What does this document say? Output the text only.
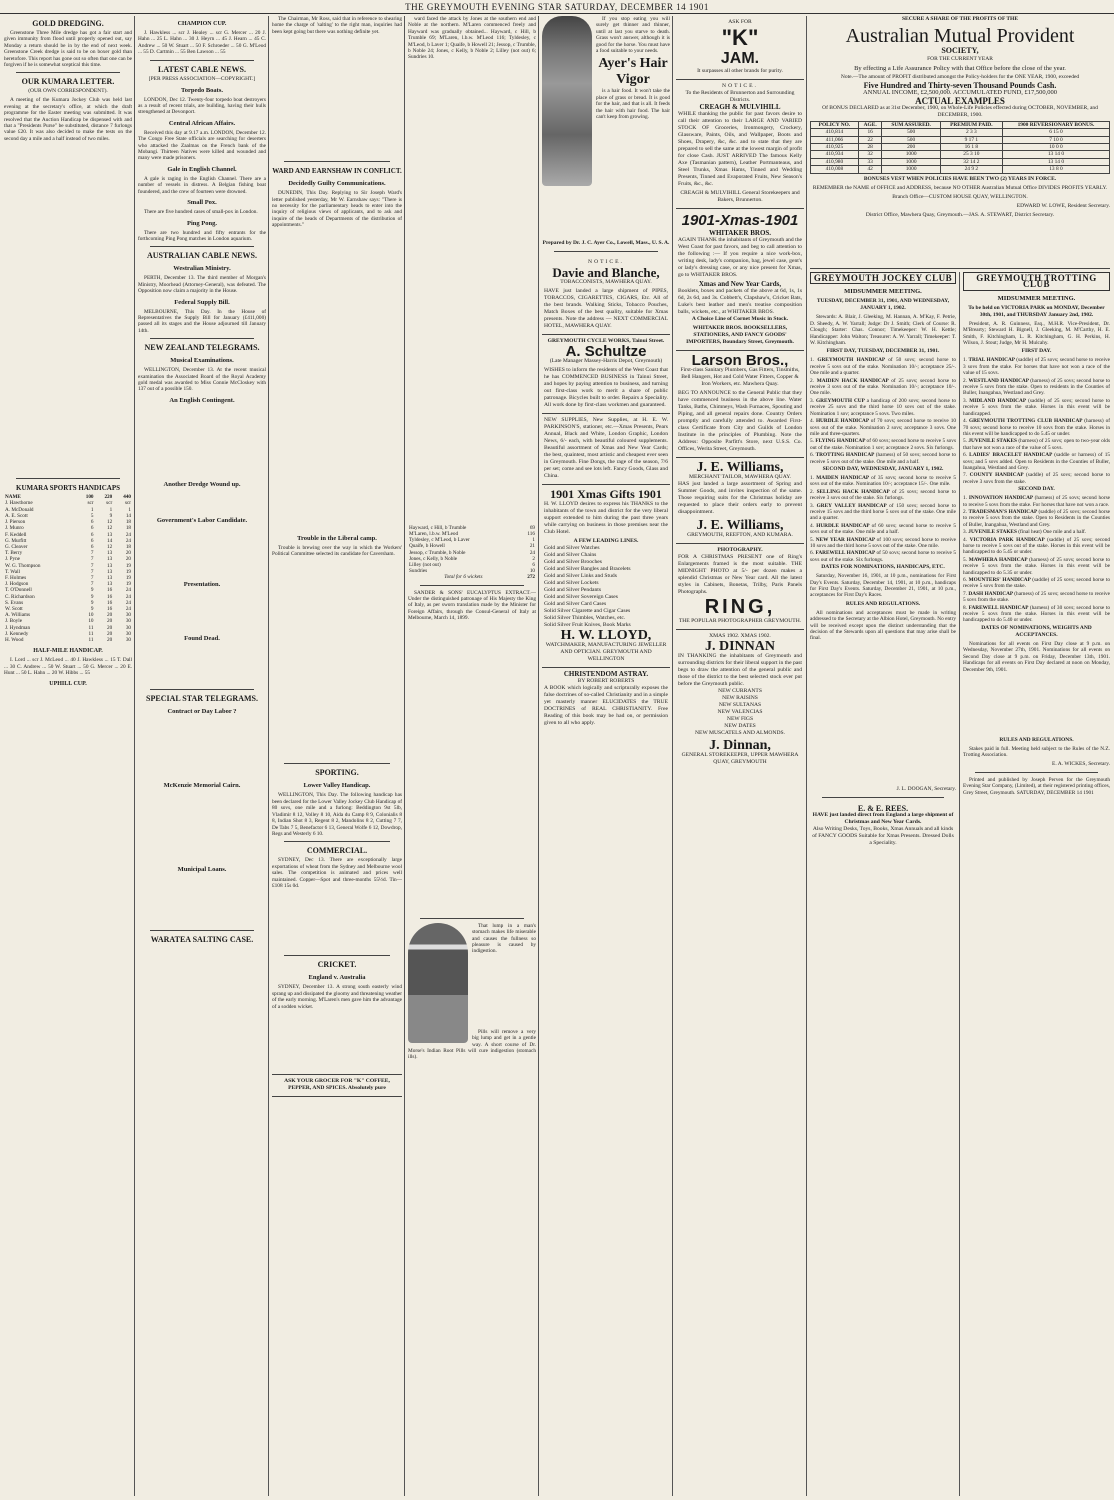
THE GREYMOUTH EVENING STAR SATURDAY, DECEMBER 14 1901
GOLD DREDGING.
Greenstone Three Mile dredge has got a fair start and given immunity from flood until properly opened out, say Monday a return should be in by the end of next week. Greenstone Creek dredge is said to be on boxer gold than heretofore. This report has gone out so often that one can be forgiven if he is somewhat sceptical this time.
OUR KUMARA LETTER.
(OUR OWN CORRESPONDENT).
A meeting of the Kumara Jockey Club was held last evening at the secretary's office, at which the draft programme for the Easter meeting was submitted. It was resolved that the Auction Handicap be dispensed with and that a "Presidents Purse" be substituted, distance 7 furlongs value £20. It was also decided to make the tests on the second day a mile and a half instead of two miles.
KUMARA SPORTS HANDICAPS
NAME	100	220	440
J. Hawthorne	scr	scr	scr
A. McDonald	1	1	1
A. E. Scott	5	9	14
J. Pierson	6	12	18
J. Munro	6	12	18
F. Keddell	6	13	24
G. Murfitt	6	14	24
G. Cleaver	6	12	18
T. Berry	7	13	20
J. Pyne	7	13	20
W. G. Thompson	7	13	19
T. Wall	7	13	19
F. Holmes	7	13	19
J. Hodgson	7	13	19
T. O'Donnell	9	16	24
C. Richardson	9	16	24
S. Evans	9	16	24
W. Scott	9	16	24
A. Williams	10	20	30
J. Boyle	10	20	30
J. Hyndman	11	20	30
J. Kennedy	11	20	30
H. Wood	11	20	30
HALF-MILE HANDICAP.
I. Lord ... scr J. McLeod ... 40 J. Hawkless ... 15 T. Dall ... 30 C. Andrew ... 50 W. Stuart ... 50 G. Mercer ... 20 E. Hunt ... 50 L. Hahn ... 20 W. Hibbs ... 55
UPHILL CUP.
CHAMPION CUP.
J. Hawkless ... scr J. Healey ... scr G. Mercer ... 20 J. Hahn ... 25 L. Hahn ... 30 J. Heyrn ... 45 J. Hearn ... 45 C. Andrew ... 50 W. Stuart ... 50 F. Schroeder ... 50 G. M'Leod ... 55 D. Cartmin ... 55 Ben Lawson ... 55
LATEST CABLE NEWS.
[PER PRESS ASSOCIATION—COPYRIGHT.]
Torpedo Boats.
LONDON, Dec 12. Twenty-four torpedo boat destroyers as a result of recent trials, are building, having their hulls strengthened at Devonport.
Central African Affairs.
Received this day at 9.17 a.m. LONDON, December 12. The Congo Free State officials are searching for deserters who attacked the Zaalmas on the French bank of the Mobangi. Thirteen Natives were killed and wounded and many were made prisoners.
Gale in English Channel.
A gale is raging in the English Channel. There are a number of vessels in distress. A Belgian fishing boat foundered, and the crew of fourteen were drowned.
Small Pox.
There are five hundred cases of small-pox in London.
Ping Pong.
There are two hundred and fifty entrants for the forthcoming Ping Pong matches in London aquarium.
AUSTRALIAN CABLE NEWS.
Westralian Ministry.
PERTH, December 13. The third member of Morgan's Ministry, Moorhead (Attorney-General), was defeated. The Opposition now claim a majority in the House.
Federal Supply Bill.
MELBOURNE, This Day. In the House of Representatives the Supply Bill for January (£411,000) passed all its stages and the House adjourned till January 14th.
NEW ZEALAND TELEGRAMS.
Musical Examinations.
WELLINGTON, December 13. At the recent musical examination the Associated Board of the Royal Academy gold medal was awarded to Miss Connie McCloskey with 137 out of a possible 150.
An English Contingent.
Another Dredge Wound up.
Government's Labor Candidate.
Presentation.
Found Dead.
SPECIAL STAR TELEGRAMS.
Contract or Day Labor ?
McKenzie Memorial Cairn.
Municipal Loans.
WARATEA SALTING CASE.
The Chairman, Mr Ross, said that in reference to shearing home the charge of 'salting' to the right man, inquiries had been kept going but there was nothing definite yet.
WARD AND EARNSHAW IN CONFLICT.
Decidedly Guilty Communications.
DUNEDIN, This Day. Replying to Sir Joseph Ward's letter published yesterday, Mr W. Earnshaw says: "There is no necessity for the parliamentary heads to enter into the inquiry of religious views of applicants, and to ask and inquire of the heads of Departments of the distribution of appointments."
Trouble in the Liberal camp.
Trouble is brewing over the way in which the Workers' Political Committee selected its candidate for Caversham.
SPORTING.
Lower Valley Handicap.
WELLINGTON, This Day. The following handicap has been declared for the Lower Valley Jockey Club Handicap of 80 sovs, one mile and a furlong: Beddington 9st 5lb, Vladimir 8 12, Volley 8 10, Aida du Camp 8 9, Colonialis 8 8, Indian Shot 8 3, Regent 8 2, Mandolins 8 2, Cutting 7 7, De Tabs 7 5, Benefactor 6 13, General Wolfe 6 12, Dowdrop, Regs and Westerly 6 10.
COMMERCIAL.
SYDNEY, Dec 13. There are exceptionally large exportations of wheat from the Sydney and Melbourne wool sales. The competition is animated and prices well maintained. Copper—Spot and three-months 55½d. Tin—£108 15s 0d.
CRICKET.
England v. Australia
SYDNEY, December 13. A strong south easterly wind sprang up and dissipated the gloomy and threatening weather of the early morning. M'Laren's men gave him the advantage of a sodden wicket.
ASK YOUR GROCER FOR "K" COFFEE, PEPPER, AND SPICES. Absolutely pure
ward faced the attack by Jones at the southern end and Noble at the northern. M'Laren commenced freely and Hayward was gradually obtained... Hayward, c Hill, b Trumble 69; M'Laren, l.b.w. M'Leod 116; Tyldesley, c M'Leod, b Laver 1; Quaife, b Howell 21; Jessop, c Trumble, b Noble 24; Jones, c Kelly, b Noble 2; Lilley (not out) 6; Sundries 10.
Hayward, c Hill, b Trumble	69
M'Laren, l.b.w. M'Leod	116
Tyldesley, c M'Leod, b Laver	1
Quaife, b Howell	21
Jessop, c Trumble, b Noble	24
Jones, c Kelly, b Noble	2
Lilley (not out)	6
Sundries	10
Total for 6 wickets	272
SANDER & SONS' EUCALYPTUS EXTRACT.—Under the distinguished patronage of His Majesty the King of Italy, as per sworn translation made by the Minister for Foreign Affairs, through the Consul-General of Italy at Melbourne, March 14, 1899.
That lump in a man's stomach makes life miserable and causes the fullness so pleasure is caused by indigestion.
Pills will remove a very big lump and get in a gentle way. A short course of Dr. Morse's Indian Root Pills will cure indigestion (stomach ills).
If you stop eating you will surely get thinner and thinner, until at last you starve to death. Grass won't answer, although it is good for the horse. You must have a food suitable to your needs.
Ayer's Hair Vigor
is a hair food. It won't take the place of grass or bread. It is good for the hair, and that is all. It feeds the hair with hair food. The hair can't keep from growing.
Prepared by Dr. J. C. Ayer Co., Lowell, Mass., U. S. A.
NOTICE.
Davie and Blanche,
TOBACCONISTS, MAWHERA QUAY.
HAVE just landed a large shipment of PIPES, TOBACCOS, CIGARETTES, CIGARS, Etc. All of the best brands. Walking Sticks, Tobacco Pouches, Match Boxes of the best quality, suitable for Xmas presents. Note the address — NEXT COMMERCIAL HOTEL, MAWHERA QUAY.
GREYMOUTH CYCLE WORKS, Tainui Street.
A. Schultze
(Late Manager Massey-Harris Depot, Greymouth)
WISHES to inform the residents of the West Coast that he has COMMENCED BUSINESS in Tainui Street, and hopes by paying attention to business, and turning out first-class work to merit a share of public patronage. Bicycles built to order. Repairs a Speciality. All work done by first-class workmen and guaranteed.
NEW SUPPLIES, New Supplies, at H. E. W. PARKINSON'S, stationer, etc.—Xmas Presents, Pears Annual, Black and White, London Graphic, London News, 6/- each, with beautiful coloured supplements. Beautiful assortment of Xmas and New Year Cards; the best, quaintest, most artistic and cheapest ever seen in Greymouth. Fine Dongs, the rage of the season, 7/6 per set; come and see lots left. Fancy Goods, Glass and China.
1901 Xmas Gifts 1901
H. W. LLOYD desires to express his THANKS to the inhabitants of the town and district for the very liberal support extended to him during the past three years while carrying on business in those premises near the Club Hotel.
A FEW LEADING LINES.
Gold and Silver Watches
Gold and Silver Chains
Gold and Silver Brooches
Gold and Silver Bangles and Bracelets
Gold and Silver Links and Studs
Gold and Silver Lockets
Gold and Silver Pendants
Gold and Silver Sovereign Cases
Gold and Silver Card Cases
Solid Silver Cigarette and Cigar Cases
Solid Silver Thimbles, Watches, etc.
Solid Silver Fruit Knives, Book Marks
H. W. LLOYD,
WATCHMAKER, MANUFACTURING JEWELLER AND OPTICIAN. GREYMOUTH AND WELLINGTON
CHRISTENDOM ASTRAY.
BY ROBERT ROBERTS
A BOOK which logically and scripturally exposes the false doctrines of so-called Christianity and in a simple yet masterly manner ELUCIDATES the TRUE DOCTRINES of REAL CHRISTIANITY. Free Reading of this book may be had on, or permission given to all who apply.
ASK FOR
"K"
JAM.
It surpasses all other brands for purity.
NOTICE.
To the Residents of Brunnerton and Surrounding Districts.
CREAGH & MULVIHILL
WHILE thanking the public for past favors desire to call their attention to their LARGE AND VARIED STOCK OF Groceries, Ironmongery, Crockery, Glassware, Paints, Oils, and Wallpaper, Boots and Shoes, Drapery, &c, &c. and to state that they are prepared to sell the same at the lowest margin of profit for close Cash. JUST ARRIVED The famous Kelly Axe (Tasmanian pattern), Leather Portmanteaus, and Steel Trunks, Xmas Hams, Tinned and Wedding Presents, Tinned and Evaporated Fruits, New Season's Fruits, &c., &c.
CREAGH & MULVIHILL General Storekeepers and Bakers, Brunnerton.
1901-Xmas-1901
WHITAKER BROS.
AGAIN THANK the inhabitants of Greymouth and the West Coast for past favors, and beg to call attention to the following :— If you require a nice work-box, writing desk, lady's companion, bag, jewel case, gent's or lady's dressing case, or any nice present for Xmas, go to WHITAKER BROS.
Xmas and New Year Cards,
Booklets, boxes and packets of the above at 6d, 1s, 1s 6d, 2s 6d, and 3s. Cobbett's, Clapshaw's, Cricket Bats, Luke's best leather and men's treatise composition balls, wickets, etc., at WHITAKER BROS.
A Choice Line of Cornet Music in Stock.
WHITAKER BROS. BOOKSELLERS, STATIONERS, AND FANCY GOODS' IMPORTERS, Boundary Street, Greymouth.
Larson Bros.,
First-class Sanitary Plumbers, Gas Fitters, Tinsmiths, Bell Hangers, Hot and Cold Water Fitters, Copper & Iron Workers, etc. Mawhera Quay.
BEG TO ANNOUNCE to the General Public that they have commenced business in the above line. Water Tanks, Baths, Chimneys, Wash Furnaces, Spouting and Piping, and all general repairs done. Country Orders promptly and carefully attended to. Awarded First-class Certificate from City and Guilds of London Institute in the principles of Plumbing. Note the Address: Opposite Parfitt's Store, next U.S.S. Co. Offices, Werita Street, Greymouth.
J. E. Williams,
MERCHANT TAILOR, MAWHERA QUAY.
HAS just landed a large assortment of Spring and Summer Goods, and invites inspection of the same. Those requiring suits for the Christmas holiday are requested to place their orders early to prevent disappointment.
J. E. Williams,
GREYMOUTH, REEFTON, AND KUMARA.
PHOTOGRAPHY.
FOR A CHRISTMAS PRESENT one of Ring's Enlargements framed is the most suitable. THE MIDNIGHT PHOTO at 5/- per dozen makes a splendid Christmas or New Year card. All the latest styles in Cabinets, Bonetas, Trilby, Paris Panels Photographs.
RING,
THE POPULAR PHOTOGRAPHER GREYMOUTH.
XMAS 1902. XMAS 1902.
J. DINNAN
IN THANKING the inhabitants of Greymouth and surrounding districts for their liberal support in the past begs to draw the attention of the general public and those of the district to the best selected stock ever put before the Greymouth public.
NEW CURRANTS
NEW RAISINS
NEW SULTANAS
NEW VALENCIAS
NEW FIGS
NEW DATES
NEW MUSCATELS AND ALMONDS.
J. Dinnan,
GENERAL STOREKEEPER, UPPER MAWHERA QUAY, GREYMOUTH
SECURE A SHARE OF THE PROFITS OF THE
Australian Mutual Provident
SOCIETY,
FOR THE CURRENT YEAR
By effecting a Life Assurance Policy with that Office before the close of the year.
Note.—The amount of PROFIT distributed amongst the Policy-holders for the ONE YEAR, 1900, exceeded
Five Hundred and Thirty-seven Thousand Pounds Cash.
ANNUAL INCOME, £2,500,000. ACCUMULATED FUND, £17,500,000
ACTUAL EXAMPLES
Of BONUS DECLARED as at 31st December, 1900, on Whole-Life Policies effected during OCTOBER, NOVEMBER, and DECEMBER, 1900.
POLICY NO.	AGE.	SUM ASSURED.	PREMIUM PAID.	1900 REVERSIONARY BONUS.
410,814	16	500	2 3 3	6 15 0
411,066	22	500	9 17 1	7 10 0
410,925	28	200	16 1 8	10 0 0
410,934	32	1000	25 3 10	13 14 0
410,980	33	1000	32 14 2	13 14 0
410,008	42	1000	24 9 2	13 8 0
BONUSES VEST WHEN POLICIES HAVE BEEN TWO (2) YEARS IN FORCE.
REMEMBER the NAME of OFFICE and ADDRESS, because NO OTHER Australian Mutual Office DIVIDES PROFITS YEARLY.
Branch Office—CUSTOM HOUSE QUAY, WELLINGTON.
EDWARD W. LOWE, Resident Secretary.
District Office, Mawhera Quay, Greymouth.—JAS. A. STEWART, District Secretary.
GREYMOUTH JOCKEY CLUB
MIDSUMMER MEETING.
TUESDAY, DECEMBER 31, 1901, AND WEDNESDAY, JANUARY 1, 1902.
Stewards: A. Blair, J. Gleeking, M. Hannan, A. M'Kay, F. Petrie, D. Sheedy, A. W. Yarrall; Judge: Dr J. Smith; Clerk of Course: R. Clough; Starter: Chas. Connor; Timekeeper: W. H. Kettle; Handicapper: John Walton; Treasurer: A. W. Yarrall; Timekeeper: T. W. Kitchingham.
FIRST DAY, TUESDAY, DECEMBER 31, 1901.
1. GREYMOUTH HANDICAP of 50 sovs; second horse to receive 5 sovs out of the stake. Nomination 10/-; acceptance 25/-. One mile and a quarter.
2. MAIDEN HACK HANDICAP of 25 sovs; second horse to receive 3 sovs out of the stake. Nomination 10/-; acceptance 10/-. One mile.
3. GREYMOUTH CUP a handicap of 200 sovs; second horse to receive 25 sovs and the third horse 10 sovs out of the stake. Nomination 1 sov; acceptance 5 sovs. Two miles.
4. HURDLE HANDICAP of 70 sovs; second horse to receive 10 sovs out of the stake. Nomination 2 sovs; acceptance 3 sovs. One mile and three-quarters.
5. FLYING HANDICAP of 60 sovs; second horse to receive 5 sovs out of the stake. Nomination 1 sov; acceptance 2 sovs. Six furlongs.
6. TROTTING HANDICAP (harness) of 50 sovs; second horse to receive 5 sovs out of the stake. One mile and a half.
SECOND DAY, WEDNESDAY, JANUARY 1, 1902.
1. MAIDEN HANDICAP of 35 sovs; second horse to receive 5 sovs out of the stake. Nomination 10/-; acceptance 15/-. One mile.
2. SELLING HACK HANDICAP of 25 sovs; second horse to receive 3 sovs out of the stake. Six furlongs.
3. GREY VALLEY HANDICAP of 150 sovs; second horse to receive 15 sovs and the third horse 5 sovs out of the stake. One mile and a quarter.
4. HURDLE HANDICAP of 60 sovs; second horse to receive 5 sovs out of the stake. One mile and a half.
5. NEW YEAR HANDICAP of 100 sovs; second horse to receive 10 sovs and the third horse 5 sovs out of the stake. One mile.
6. FAREWELL HANDICAP of 50 sovs; second horse to receive 5 sovs out of the stake. Six furlongs.
DATES FOR NOMINATIONS, HANDICAPS, ETC.
Saturday, November 16, 1901, at 10 p.m., nominations for First Day's Events. Saturday, December 14, 1901, at 10 p.m., handicaps for First Day's Events. Saturday, December 21, 1901, at 10 p.m., acceptances for First Day's Races.
RULES AND REGULATIONS.
All nominations and acceptances must be made in writing addressed to the Secretary at the Albion Hotel, Greymouth. No entry will be received except upon the distinct understanding that the decision of the Stewards upon all questions that may arise shall be final.
J. L. DOOGAN, Secretary.
E. & E. REES.
HAVE just landed direct from England a large shipment of Christmas and New Year Cards.
Also Writing Desks, Toys, Books, Xmas Annuals and all kinds of FANCY GOODS Suitable for Xmas Presents. Dressed Dolls a Speciality.
GREYMOUTH TROTTING CLUB
MIDSUMMER MEETING.
To be held on VICTORIA PARK on MONDAY, December 30th, 1901, and THURSDAY January 2nd, 1902.
President, A. R. Guinness, Esq., M.H.R. Vice-President, Dr. M'Brearty; Steward H. Bignell, J. Gleeking, M. M'Carthy, H. E. Smith, F. Kitchingham, L. R. Kitchingham, G. H. Perkins, H. Wilson, J. Stout; Judge, Mr H. Mulcahy.
FIRST DAY.
1. TRIAL HANDICAP (saddle) of 25 sovs; second horse to receive 3 sovs from the stake. For horses that have not won a race of the value of 15 sovs.
2. WESTLAND HANDICAP (harness) of 25 sovs; second horse to receive 5 sovs from the stake. Open to residents in the Counties of Buller, Inangahua, Westland and Grey.
3. MIDLAND HANDICAP (saddle) of 25 sovs; second horse to receive 5 sovs from the stake. Horses in this event will be handicapped.
4. GREYMOUTH TROTTING CLUB HANDICAP (harness) of 70 sovs; second horse to receive 10 sovs from the stake. Horses in this event will be handicapped to do 5.45 or under.
5. JUVENILE STAKES (harness) of 25 sovs; open to two-year olds that have not won a race of the value of 5 sovs.
6. LADIES' BRACELET HANDICAP (saddle or harness) of 15 sovs; and 5 sovs added. Open to Residents in the Counties of Buller, Inangahua, Westland and Grey.
7. COUNTY HANDICAP (saddle) of 25 sovs; second horse to receive 3 sovs from the stake.
SECOND DAY.
1. INNOVATION HANDICAP (harness) of 25 sovs; second horse to receive 5 sovs from the stake. For horses that have not won a race.
2. TRADESMAN'S HANDICAP (saddle) of 25 sovs; second horse to receive 5 sovs from the stake. Open to Residents in the Counties of Buller, Inangahua, Westland and Grey.
3. JUVENILE STAKES (final heat) One mile and a half.
4. VICTORIA PARK HANDICAP (saddle) of 25 sovs; second horse to receive 5 sovs out of the stake. Horses in this event will be handicapped to do 5.45 or under.
5. MAWHERA HANDICAP (harness) of 25 sovs; second horse to receive 5 sovs from the stake. Horses in this event will be handicapped to do 5.35 or under.
6. MOUNTERS' HANDICAP (saddle) of 25 sovs; second horse to receive 5 sovs from the stake.
7. DASH HANDICAP (harness) of 25 sovs; second horse to receive 5 sovs from the stake.
8. FAREWELL HANDICAP (harness) of 30 sovs; second horse to receive 5 sovs from the stake. Horses in this event will be handicapped to do 5.40 or under.
DATES OF NOMINATIONS, WEIGHTS AND ACCEPTANCES.
Nominations for all events on First Day close at 9 p.m. on Wednesday, November 27th, 1901. Nominations for all events on Second Day close at 9 p.m. on Friday, December 13th, 1901. Handicaps for all events on First Day declared at noon on Monday, December 9th, 1901.
RULES AND REGULATIONS.
Stakes paid in full. Meeting held subject to the Rules of the N.Z. Trotting Association.
E. A. WICKES, Secretary.
Printed and published by Joseph Perven for the Greymouth Evening Star Company, (Limited), at their registered printing offices, Grey Street, Greymouth. SATURDAY, DECEMBER 14 1901
